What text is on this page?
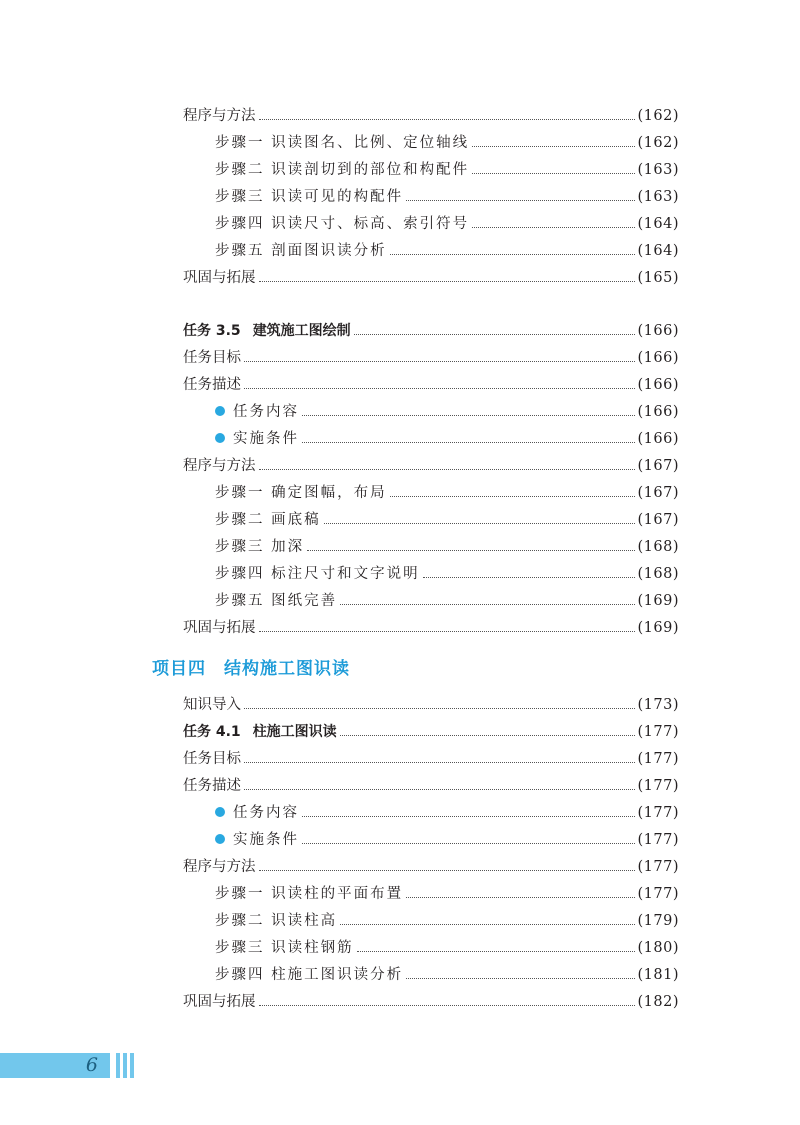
程序与方法	(162)
步骤一 识读图名、比例、定位轴线	(162)
步骤二 识读剖切到的部位和构配件	(163)
步骤三 识读可见的构配件	(163)
步骤四 识读尺寸、标高、索引符号	(164)
步骤五 剖面图识读分析	(164)
巩固与拓展	(165)
任务 3.5 建筑施工图绘制	(166)
任务目标	(166)
任务描述	(166)
任务内容	(166)
实施条件	(166)
程序与方法	(167)
步骤一 确定图幅，布局	(167)
步骤二 画底稿	(167)
步骤三 加深	(168)
步骤四 标注尺寸和文字说明	(168)
步骤五 图纸完善	(169)
巩固与拓展	(169)
项目四 结构施工图识读
知识导入	(173)
任务 4.1 柱施工图识读	(177)
任务目标	(177)
任务描述	(177)
任务内容	(177)
实施条件	(177)
程序与方法	(177)
步骤一 识读柱的平面布置	(177)
步骤二 识读柱高	(179)
步骤三 识读柱钢筋	(180)
步骤四 柱施工图识读分析	(181)
巩固与拓展	(182)
6
